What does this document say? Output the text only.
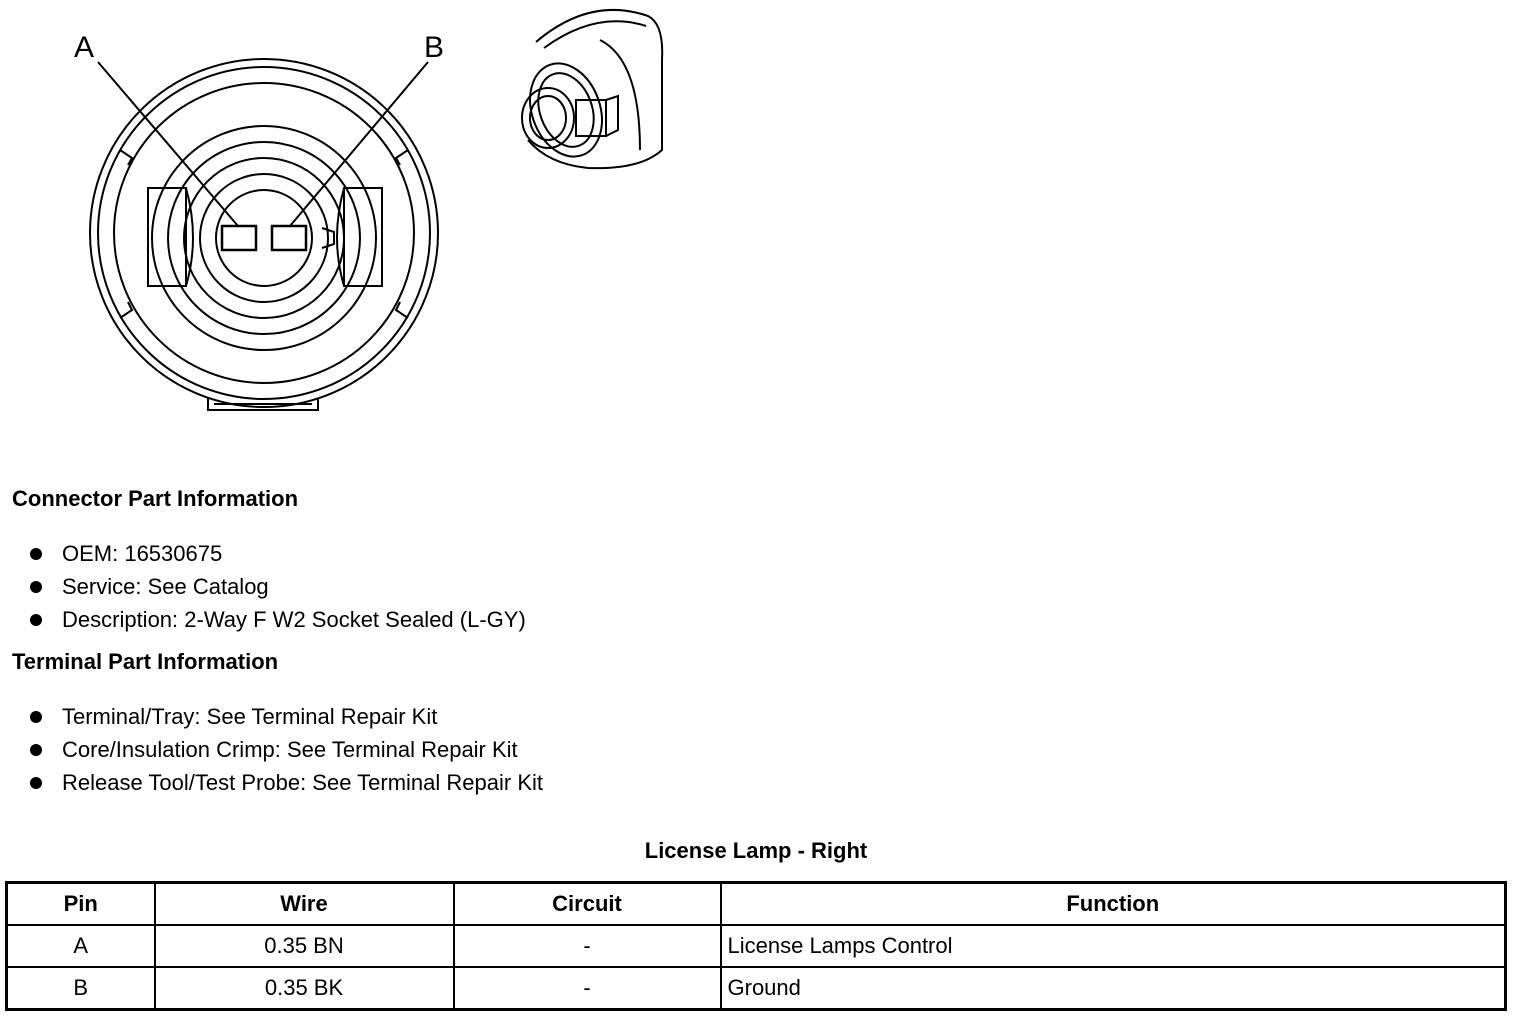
A	B
Connector Part Information
OEM: 16530675
Service: See Catalog
Description: 2-Way F W2 Socket Sealed (L-GY)
Terminal Part Information
Terminal/Tray: See Terminal Repair Kit
Core/Insulation Crimp: See Terminal Repair Kit
Release Tool/Test Probe: See Terminal Repair Kit
License Lamp - Right
Pin	Wire	Circuit	Function
A	0.35 BN	-	License Lamps Control
B	0.35 BK	-	Ground
